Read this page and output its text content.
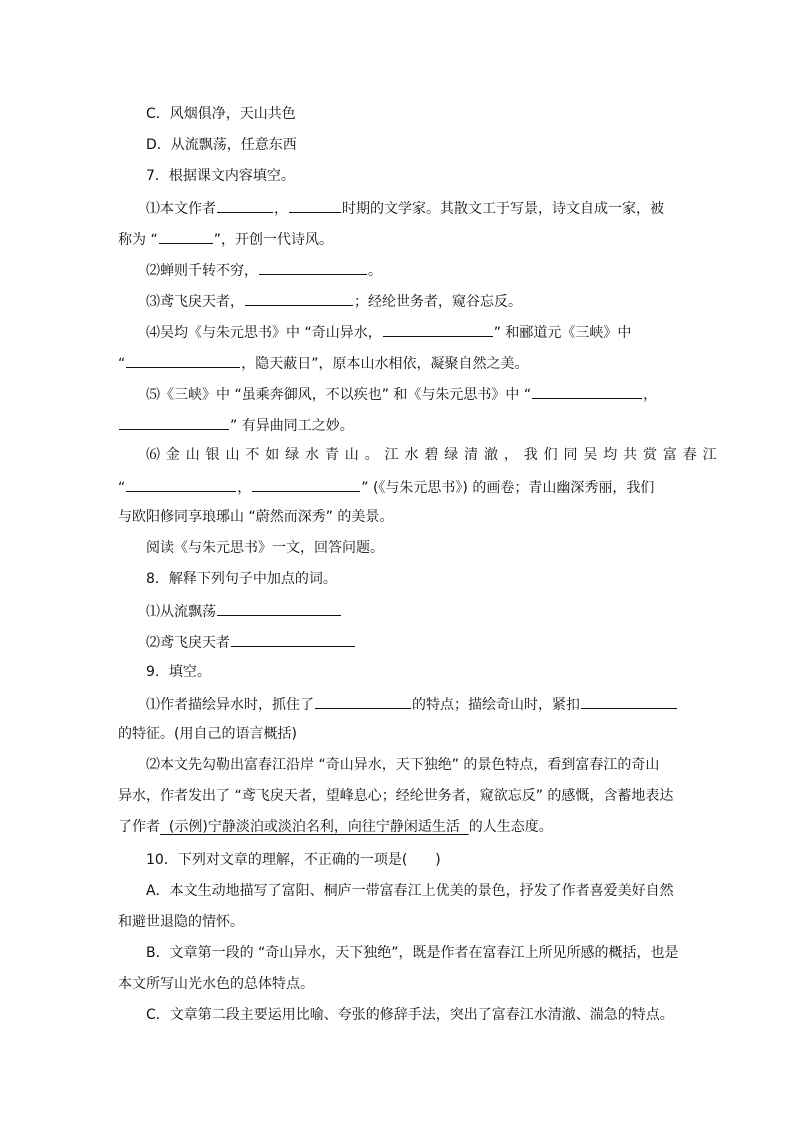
C．风烟俱净，天山共色
D．从流飘荡，任意东西
7．根据课文内容填空。
⑴本文作者	，	时期的文学家。其散文工于写景，诗文自成一家，被
称为 “	”，开创一代诗风。
⑵蝉则千转不穷，	。
⑶鸢飞戾天者，	；经纶世务者，窥谷忘反。
⑷吴均《与朱元思书》中 “奇山异水，	” 和郦道元《三峡》中
“	，隐天蔽日”，原本山水相依，凝聚自然之美。
⑸《三峡》中 “虽乘奔御风，不以疾也” 和《与朱元思书》中 “	，
” 有异曲同工之妙。
⑹金山银山不如绿水青山。江水碧绿清澈，我们同吴均共赏富春江
“	，	” (《与朱元思书》) 的画卷；青山幽深秀丽，我们
与欧阳修同享琅琊山 “蔚然而深秀” 的美景。
阅读《与朱元思书》一文，回答问题。
8．解释下列句子中加点的词。
⑴从流飘荡
⑵鸢飞戾天者
9．填空。
⑴作者描绘异水时，抓住了	的特点；描绘奇山时，紧扣
的特征。(用自己的语言概括)
⑵本文先勾勒出富春江沿岸 “奇山异水，天下独绝” 的景色特点，看到富春江的奇山
异水，作者发出了 “鸢飞戾天者，望峰息心；经纶世务者，窥欲忘反” 的感慨，含蓄地表达
了作者  (示例)宁静淡泊或淡泊名利，向往宁静闲适生活  的人生态度。
10．下列对文章的理解，不正确的一项是(　　)
A．本文生动地描写了富阳、桐庐一带富春江上优美的景色，抒发了作者喜爱美好自然
和避世退隐的情怀。
B．文章第一段的 “奇山异水，天下独绝”，既是作者在富春江上所见所感的概括，也是
本文所写山光水色的总体特点。
C．文章第二段主要运用比喻、夸张的修辞手法，突出了富春江水清澈、湍急的特点。
